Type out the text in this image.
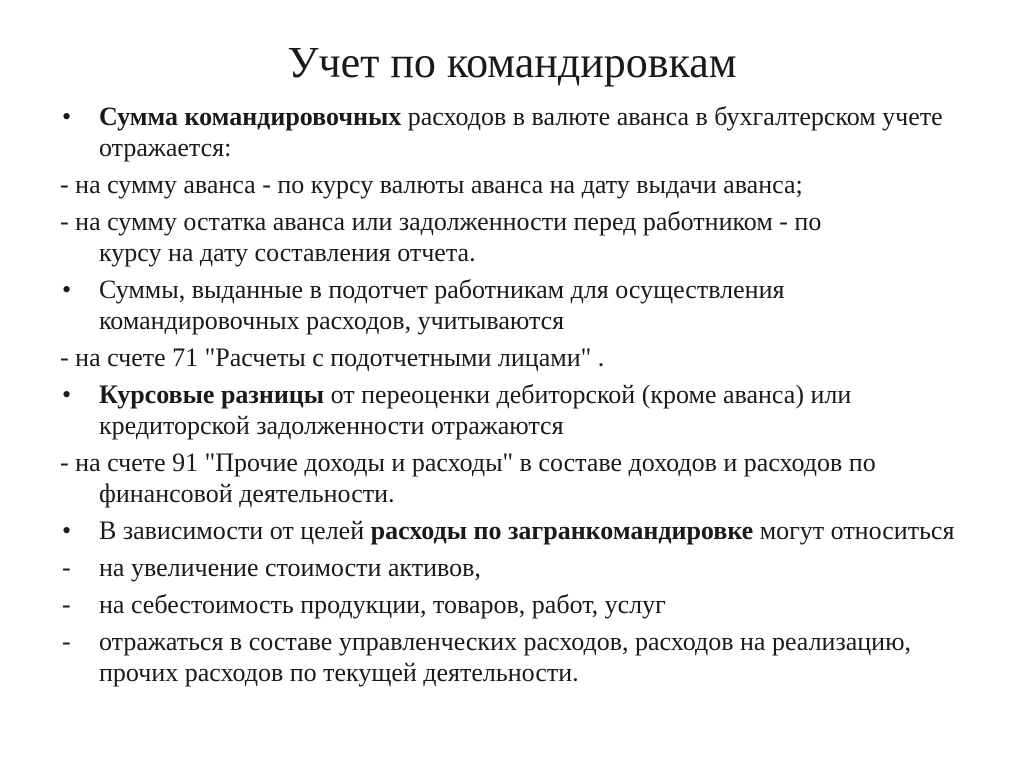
Учет по командировкам
• Сумма командировочных расходов в валюте аванса в бухгалтерском учете отражается:
- на сумму аванса - по курсу валюты аванса на дату выдачи аванса;
- на сумму остатка аванса или задолженности перед работником - по
курсу на дату составления отчета.
• Суммы, выданные в подотчет работникам для осуществления командировочных расходов, учитываются
- на счете 71 "Расчеты с подотчетными лицами" .
• Курсовые разницы от переоценки дебиторской (кроме аванса) или кредиторской задолженности отражаются
- на счете 91 "Прочие доходы и расходы" в составе доходов и расходов по
финансовой деятельности.
• В зависимости от целей расходы по загранкомандировке могут относиться
- на увеличение стоимости активов,
- на себестоимость продукции, товаров, работ, услуг
- отражаться в составе управленческих расходов, расходов на реализацию, прочих расходов по текущей деятельности.
